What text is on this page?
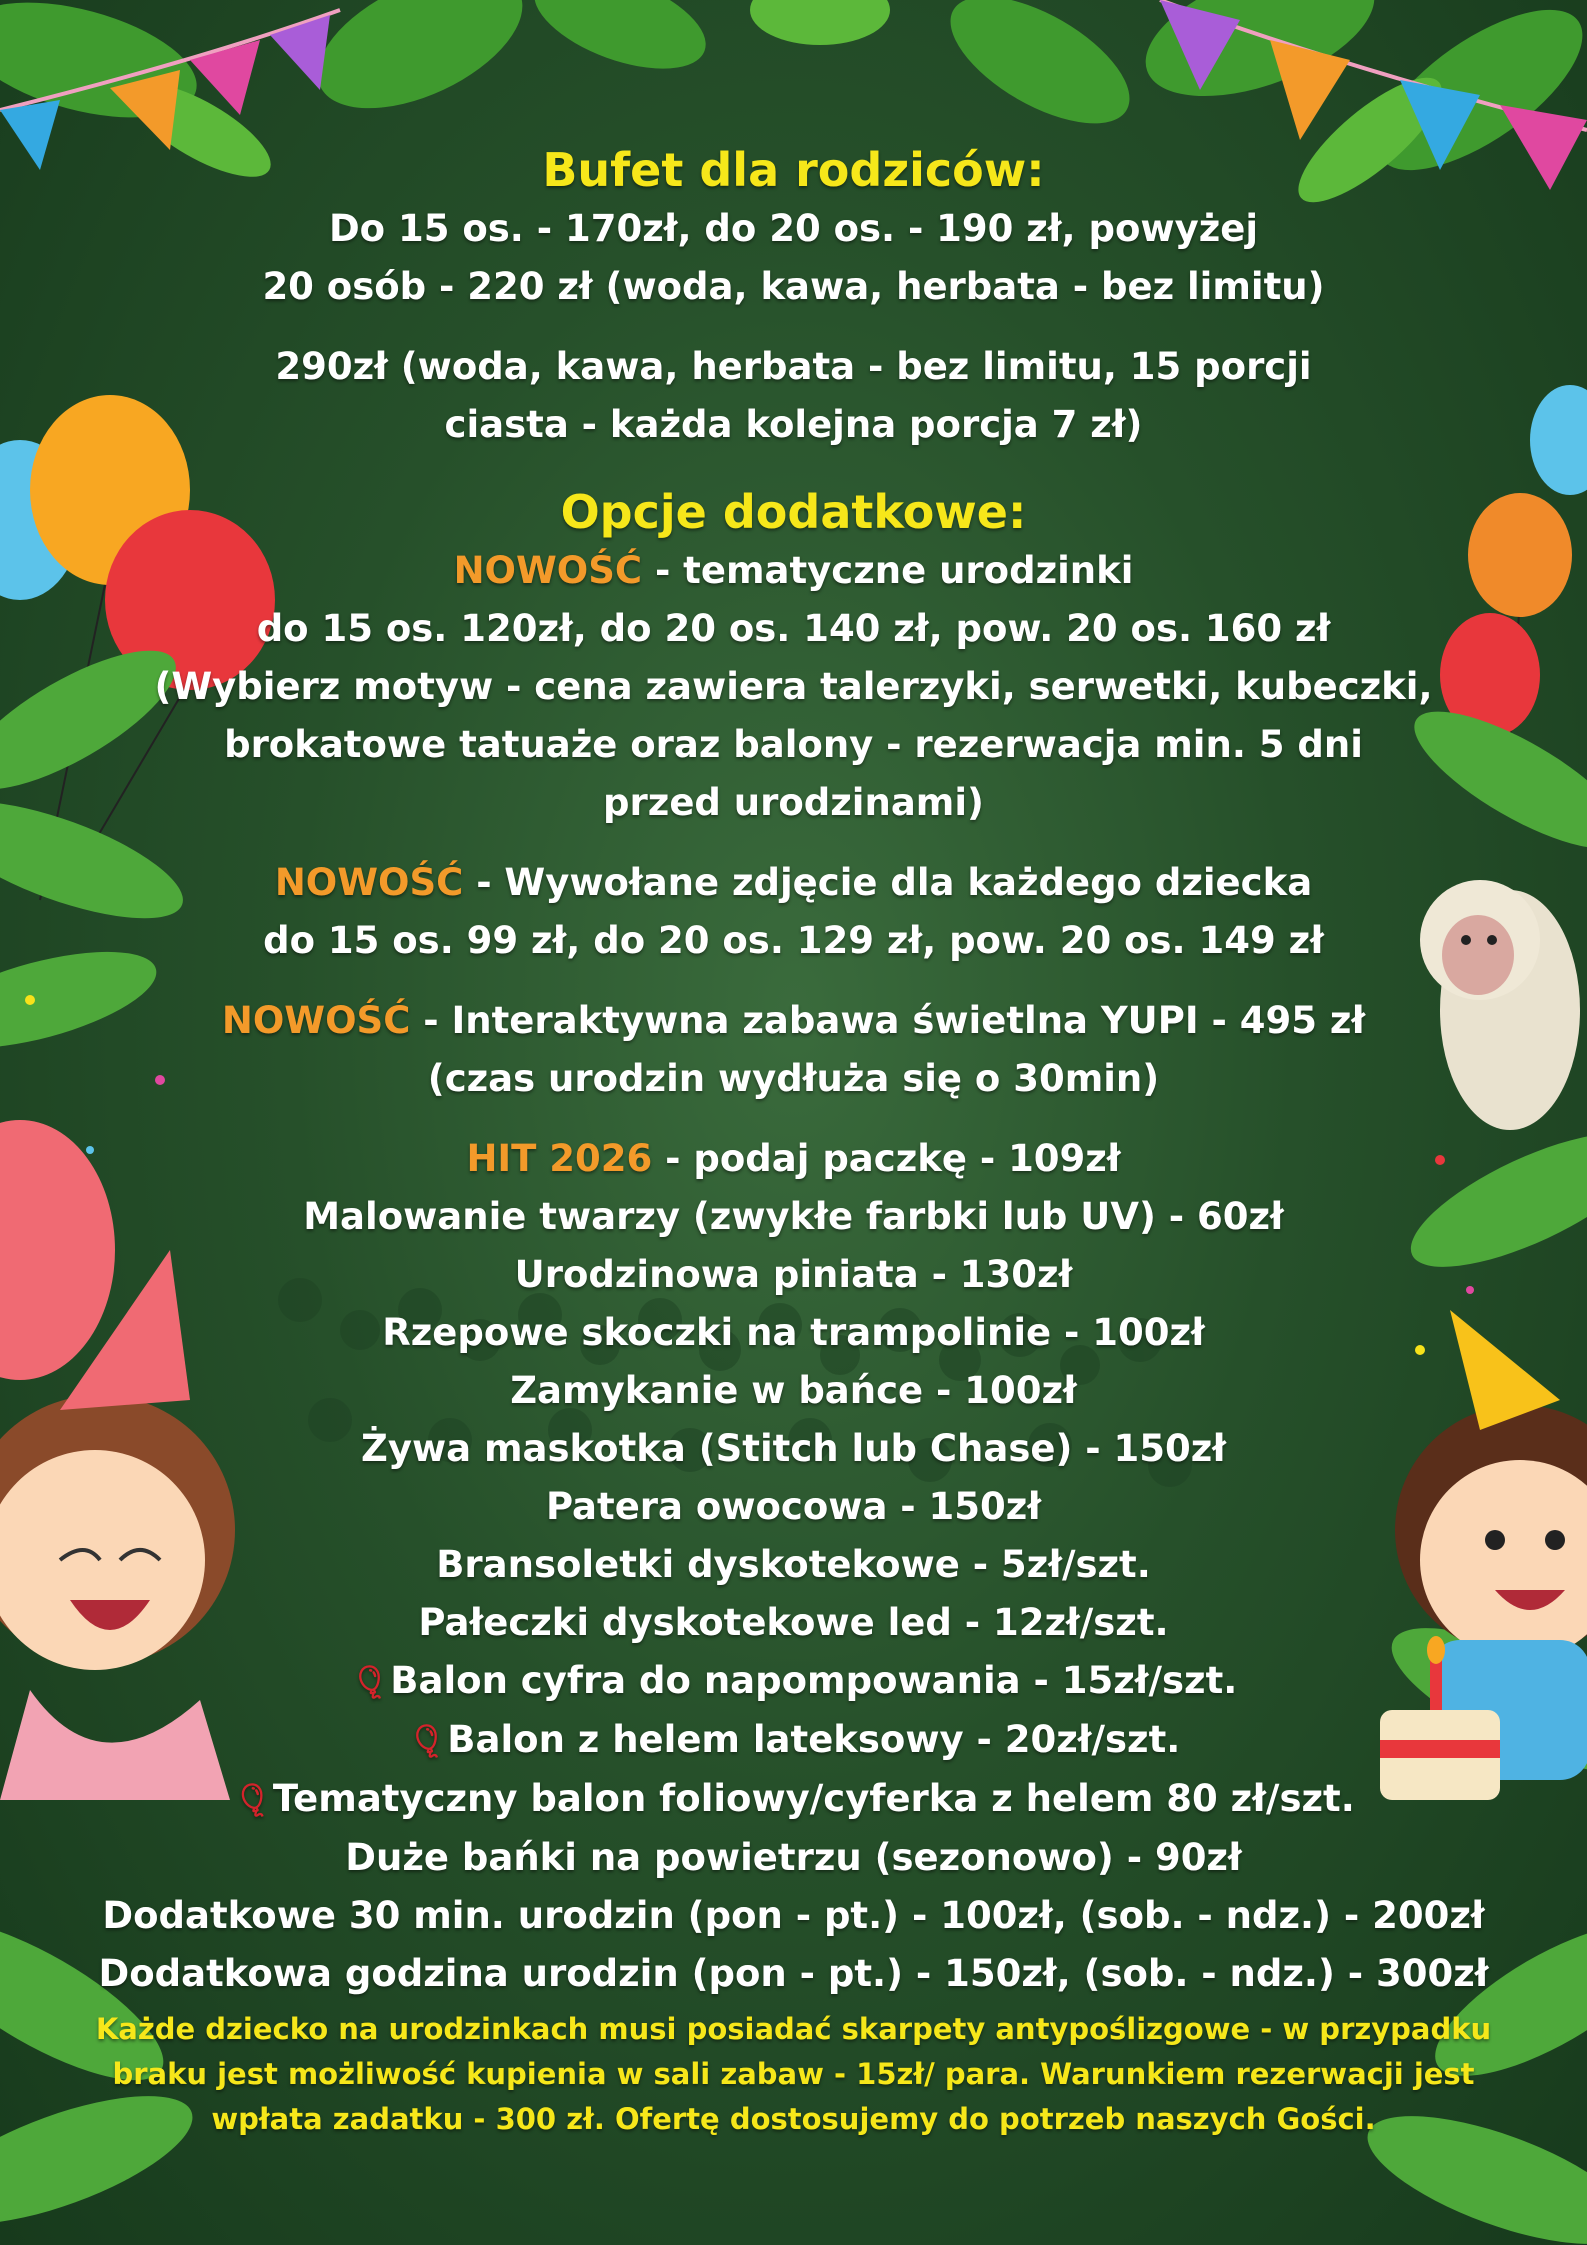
Bufet dla rodziców:

Do 15 os. - 170zł, do 20 os. - 190 zł, powyżej

20 osób - 220 zł (woda, kawa, herbata - bez limitu)

290zł (woda, kawa, herbata - bez limitu, 15 porcji

ciasta - każda kolejna porcja 7 zł)

Opcje dodatkowe:

NOWOŚĆ - tematyczne urodzinki

do 15 os. 120zł, do 20 os. 140 zł, pow. 20 os. 160 zł

(Wybierz motyw - cena zawiera talerzyki, serwetki, kubeczki,

brokatowe tatuaże oraz balony - rezerwacja min. 5 dni

przed urodzinami)

NOWOŚĆ - Wywołane zdjęcie dla każdego dziecka

do 15 os. 99 zł, do 20 os. 129 zł, pow. 20 os. 149 zł

NOWOŚĆ - Interaktywna zabawa świetlna YUPI - 495 zł

(czas urodzin wydłuża się o 30min)

HIT 2026 - podaj paczkę - 109zł

Malowanie twarzy (zwykłe farbki lub UV) - 60zł

Urodzinowa piniata - 130zł

Rzepowe skoczki na trampolinie - 100zł

Zamykanie w bańce - 100zł

Żywa maskotka (Stitch lub Chase) - 150zł

Patera owocowa - 150zł

Bransoletki dyskotekowe - 5zł/szt.

Pałeczki dyskotekowe led - 12zł/szt.

🎈︎Balon cyfra do napompowania - 15zł/szt.

🎈︎Balon z helem lateksowy - 20zł/szt.

🎈︎Tematyczny balon foliowy/cyferka z helem 80 zł/szt.

Duże bańki na powietrzu (sezonowo) - 90zł

Dodatkowe 30 min. urodzin (pon - pt.) - 100zł, (sob. - ndz.) - 200zł

Dodatkowa godzina urodzin (pon - pt.) - 150zł, (sob. - ndz.) - 300zł

Każde dziecko na urodzinkach musi posiadać skarpety antypoślizgowe - w przypadku

braku jest możliwość kupienia w sali zabaw - 15zł/ para. Warunkiem rezerwacji jest

wpłata zadatku - 300 zł. Ofertę dostosujemy do potrzeb naszych Gości.
